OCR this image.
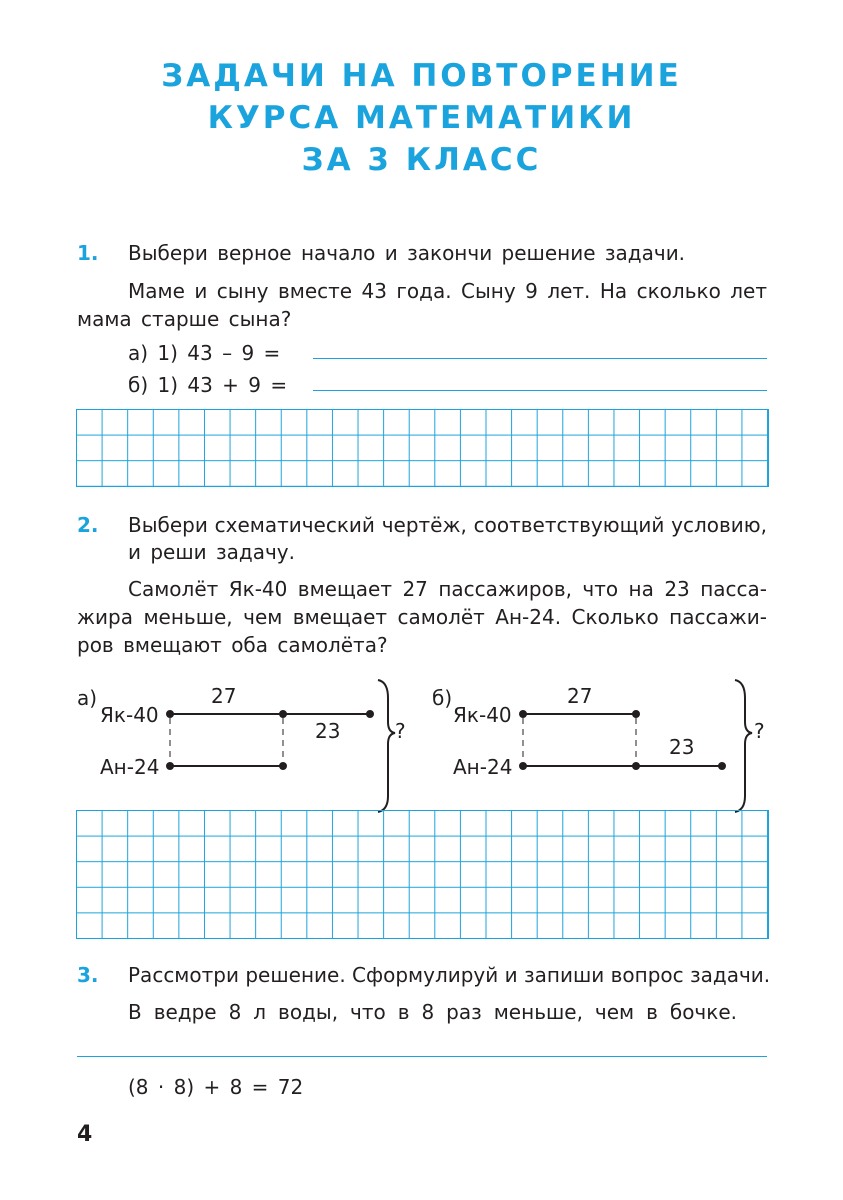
ЗАДАЧИ НА ПОВТОРЕНИЕ
КУРСА МАТЕМАТИКИ
ЗА 3 КЛАСС
1. Выбери верное начало и закончи решение задачи.
Маме и сыну вместе 43 года. Сыну 9 лет. На сколько лет
мама старше сына?
а) 1) 43 – 9 =
б) 1) 43 + 9 =
2. Выбери схематический чертёж, соответствующий условию,
и реши задачу.
Самолёт Як-40 вмещает 27 пассажиров, что на 23 пасса-
жира меньше, чем вмещает самолёт Ан-24. Сколько пассажи-
ров вмещают оба самолёта?
а)
Як-40
Ан-24
27
23	?
б)
Як-40
Ан-24
27
23
?
3. Рассмотри решение. Сформулируй и запиши вопрос задачи.
В ведре 8 л воды, что в 8 раз меньше, чем в бочке.
(8 · 8) + 8 = 72
4
